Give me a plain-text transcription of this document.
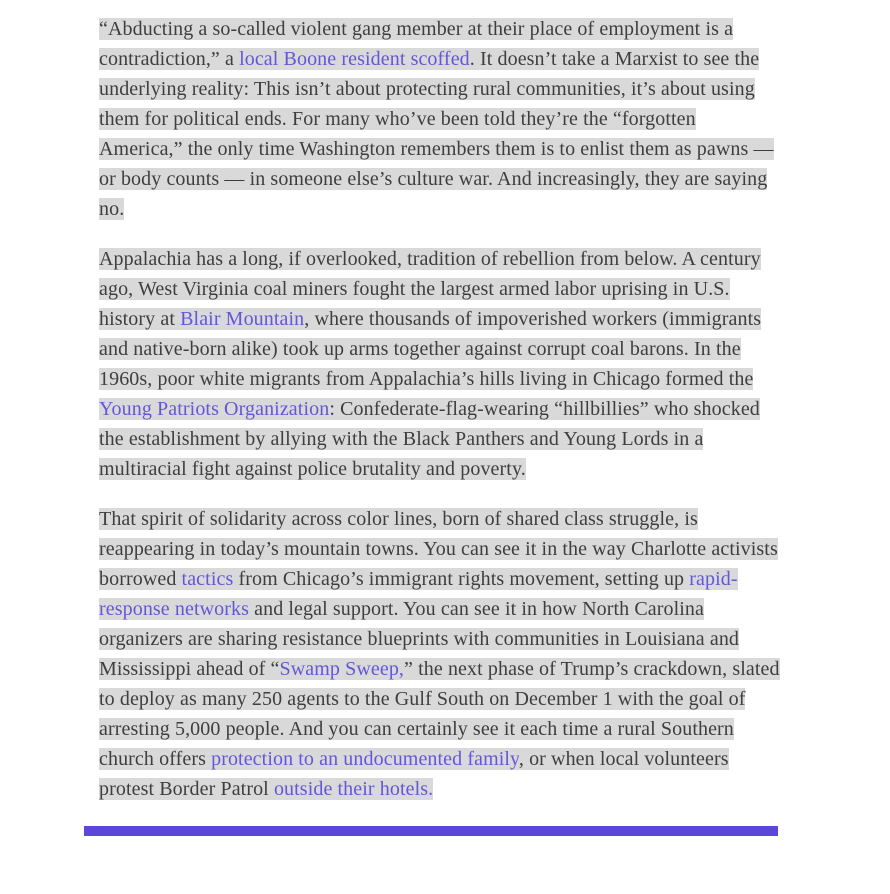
“Abducting a so-called violent gang member at their place of employment is a contradiction,” a local Boone resident scoffed. It doesn’t take a Marxist to see the underlying reality: This isn’t about protecting rural communities, it’s about using them for political ends. For many who’ve been told they’re the “forgotten America,” the only time Washington remembers them is to enlist them as pawns — or body counts — in someone else’s culture war. And increasingly, they are saying no.

Appalachia has a long, if overlooked, tradition of rebellion from below. A century ago, West Virginia coal miners fought the largest armed labor uprising in U.S. history at Blair Mountain, where thousands of impoverished workers (immigrants and native-born alike) took up arms together against corrupt coal barons. In the 1960s, poor white migrants from Appalachia’s hills living in Chicago formed the Young Patriots Organization: Confederate-flag-wearing “hillbillies” who shocked the establishment by allying with the Black Panthers and Young Lords in a multiracial fight against police brutality and poverty.

That spirit of solidarity across color lines, born of shared class struggle, is reappearing in today’s mountain towns. You can see it in the way Charlotte activists borrowed tactics from Chicago’s immigrant rights movement, setting up rapid-response networks and legal support. You can see it in how North Carolina organizers are sharing resistance blueprints with communities in Louisiana and Mississippi ahead of “Swamp Sweep,” the next phase of Trump’s crackdown, slated to deploy as many 250 agents to the Gulf South on December 1 with the goal of arresting 5,000 people. And you can certainly see it each time a rural Southern church offers protection to an undocumented family, or when local volunteers protest Border Patrol outside their hotels.
